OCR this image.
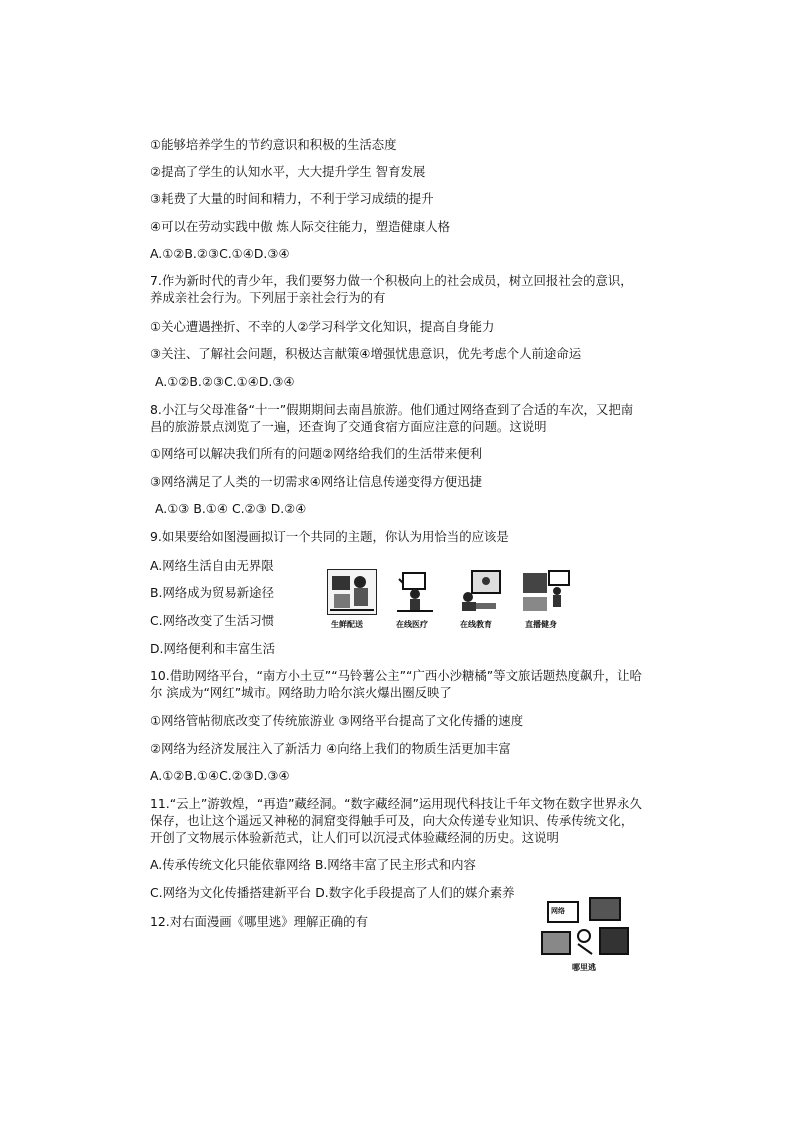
①能够培养学生的节约意识和积极的生活态度
②提高了学生的认知水平，大大提升学生 智育发展
③耗费了大量的时间和精力，不利于学习成绩的提升
④可以在劳动实践中傲 炼人际交往能力，塑造健康人格
A.①②B.②③C.①④D.③④
7.作为新时代的青少年，我们要努力做一个积极向上的社会成员，树立回报社会的意识，养成亲社会行为。下列屈于亲社会行为的有
①关心遭遇挫折、不幸的人②学习科学文化知识，提高自身能力
③关注、了解社会问题，积极达言献策④增强忧患意识，优先考虑个人前途命运
A.①②B.②③C.①④D.③④
8.小江与父母准备“十一”假期期间去南昌旅游。他们通过网络查到了合适的车次，又把南昌的旅游景点浏览了一遍，还查询了交通食宿方面应注意的问题。这说明
①网络可以解决我们所有的问题②网络给我们的生活带来便利
③网络满足了人类的一切需求④网络让信息传递变得方便迅捷
A.①③ B.①④ C.②③ D.②④
9.如果要给如图漫画拟订一个共同的主题，你认为用恰当的应该是
A.网络生活自由无界限
B.网络成为贸易新途径
C.网络改变了生活习惯
D.网络便利和丰富生活
生鲜配送	在线医疗	在线教育	直播健身
10.借助网络平台，“南方小土豆”“马铃薯公主”“广西小沙糖橘”等文旅话题热度飙升，让哈尔 滨成为“网红”城市。网络助力哈尔滨火爆出圈反映了
①网络管帖彻底改变了传统旅游业 ③网络平台提高了文化传播的速度
②网络为经济发展注入了新活力 ④向络上我们的物质生活更加丰富
A.①②B.①④C.②③D.③④
11.“云上”游敦煌，“再造”藏经洞。“数字藏经洞”运用现代科技让千年文物在数字世界永久保存，也让这个遥远又神秘的洞窟变得触手可及，向大众传递专业知识、传承传统文化，开创了文物展示体验新范式，让人们可以沉浸式体验藏经洞的历史。这说明
A.传承传统文化只能依靠网络 B.网络丰富了民主形式和内容
C.网络为文化传播搭建新平台 D.数字化手段提高了人们的媒介素养
12.对右面漫画《哪里逃》理解正确的有
网络
哪里逃
